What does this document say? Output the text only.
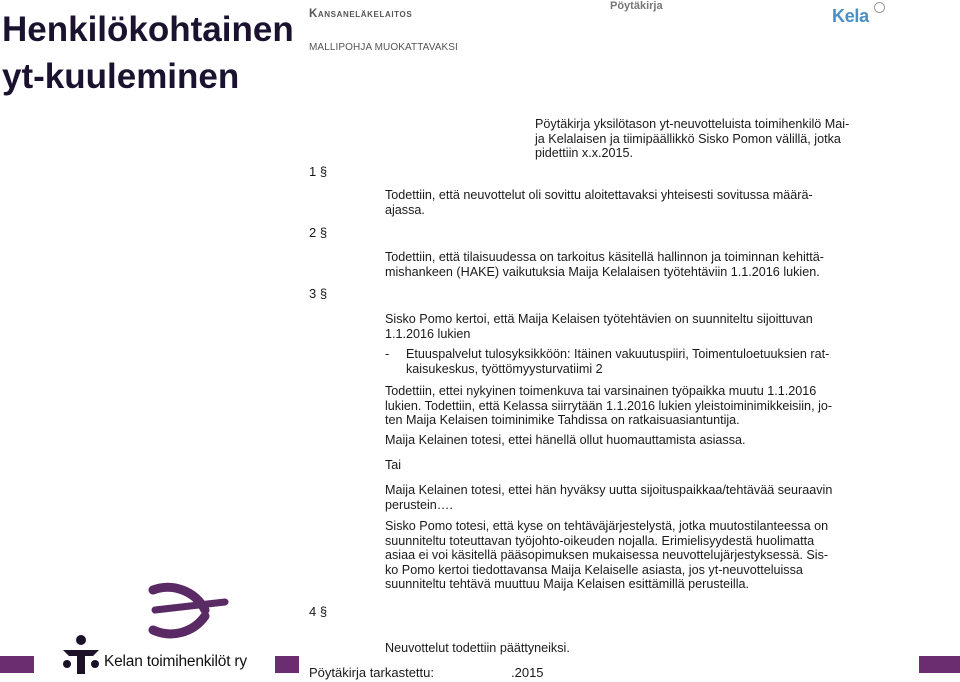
Henkilökohtainen
yt-kuuleminen
Kansaneläkelaitos
MALLIPOHJA MUOKATTAVAKSI
Pöytäkirja	Kela
Pöytäkirja yksilötason yt-neuvotteluista toimihenkilö Mai-
ja Kelalaisen ja tiimipäällikkö Sisko Pomon välillä, jotka
pidettiin x.x.2015.
1 §
Todettiin, että neuvottelut oli sovittu aloitettavaksi yhteisesti sovitussa määrä-
ajassa.
2 §
Todettiin, että tilaisuudessa on tarkoitus käsitellä hallinnon ja toiminnan kehittä-
mishankeen (HAKE) vaikutuksia Maija Kelalaisen työtehtäviin 1.1.2016 lukien.
3 §
Sisko Pomo kertoi, että Maija Kelaisen työtehtävien on suunniteltu sijoittuvan
1.1.2016 lukien
- Etuuspalvelut tulosyksikköön: Itäinen vakuutuspiiri, Toimentuloetuuksien rat-
kaisukeskus, työttömyysturvatiimi 2
Todettiin, ettei nykyinen toimenkuva tai varsinainen työpaikka muutu 1.1.2016
lukien. Todettiin, että Kelassa siirrytään 1.1.2016 lukien yleistoiminimikkeisiin, jo-
ten Maija Kelaisen toiminimike Tahdissa on ratkaisuasiantuntija.
Maija Kelainen totesi, ettei hänellä ollut huomauttamista asiassa.
Tai
Maija Kelainen totesi, ettei hän hyväksy uutta sijoituspaikkaa/tehtävää seuraavin
perustein….
Sisko Pomo totesi, että kyse on tehtäväjärjestelystä, jotka muutostilanteessa on
suunniteltu toteuttavan työjohto-oikeuden nojalla. Erimielisyydestä huolimatta
asiaa ei voi käsitellä pääsopimuksen mukaisessa neuvottelujärjestyksessä. Sis-
ko Pomo kertoi tiedottavansa Maija Kelaiselle asiasta, jos yt-neuvotteluissa
suunniteltu tehtävä muuttuu Maija Kelaisen esittämillä perusteilla.
4 §
Neuvottelut todettiin päättyneiksi.
Pöytäkirja tarkastettu:	.2015
Kelan toimihenkilöt ry
